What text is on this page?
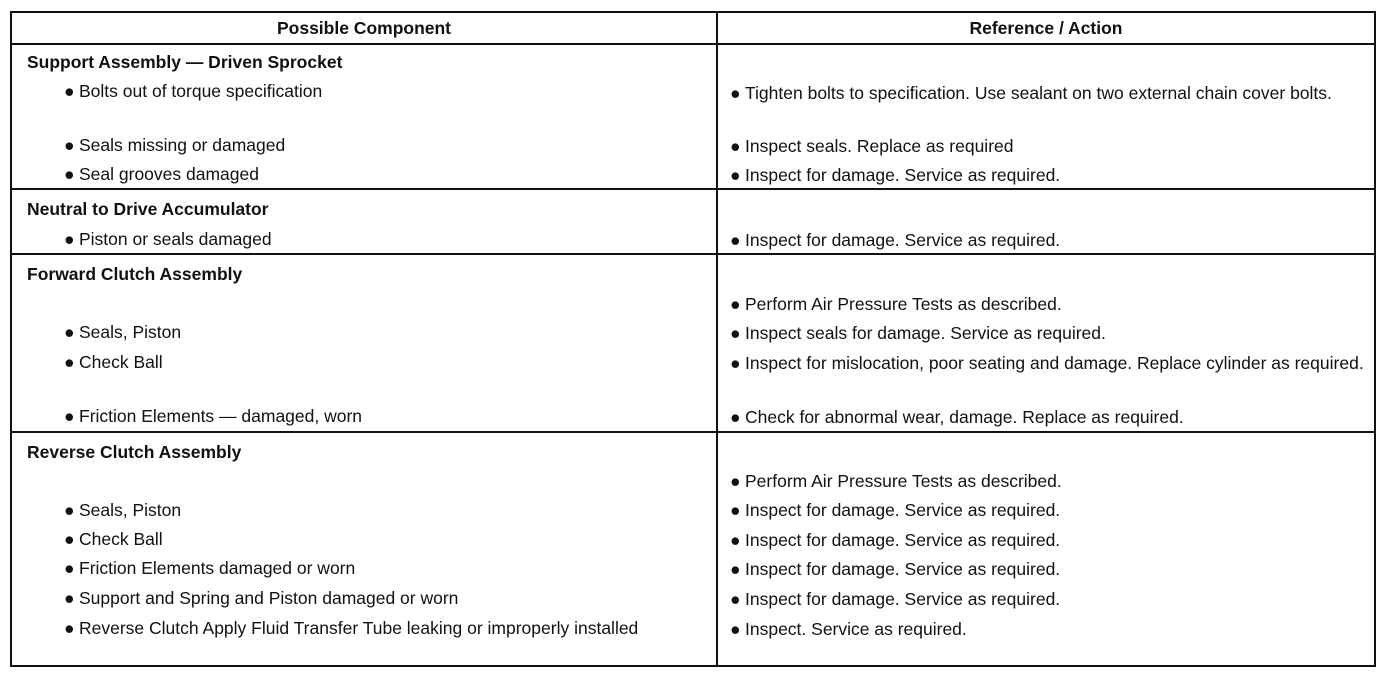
Possible Component	Reference / Action
Support Assembly — Driven Sprocket
● Bolts out of torque specification
● Seals missing or damaged
● Seal grooves damaged
● Tighten bolts to specification. Use sealant on two external chain cover bolts.
● Inspect seals. Replace as required
● Inspect for damage. Service as required.
Neutral to Drive Accumulator
● Piston or seals damaged	● Inspect for damage. Service as required.
Forward Clutch Assembly
● Seals, Piston
● Check Ball
● Friction Elements — damaged, worn
● Perform Air Pressure Tests as described.
● Inspect seals for damage. Service as required.
● Inspect for mislocation, poor seating and damage. Replace cylinder as required.
● Check for abnormal wear, damage. Replace as required.
Reverse Clutch Assembly
● Seals, Piston
● Check Ball
● Friction Elements damaged or worn
● Support and Spring and Piston damaged or worn
● Reverse Clutch Apply Fluid Transfer Tube leaking or improperly installed
● Perform Air Pressure Tests as described.
● Inspect for damage. Service as required.
● Inspect for damage. Service as required.
● Inspect for damage. Service as required.
● Inspect for damage. Service as required.
● Inspect. Service as required.
